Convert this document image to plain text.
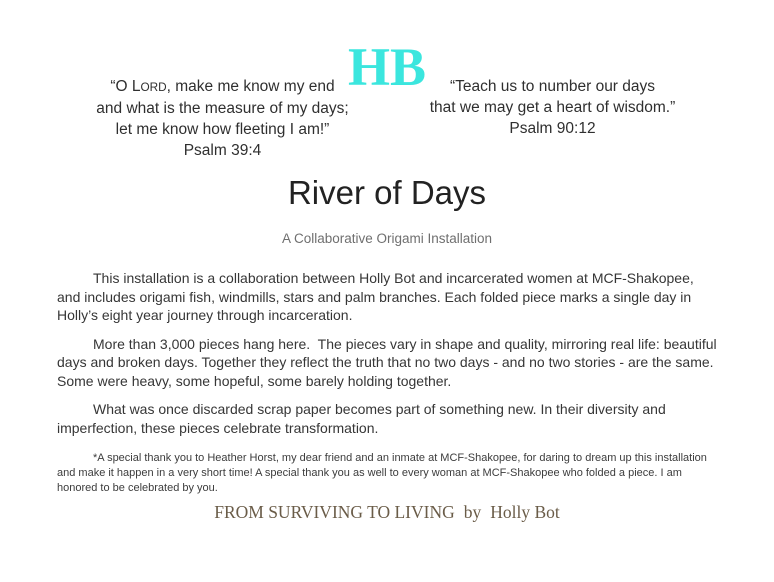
HB
“O LORD, make me know my end
and what is the measure of my days;
let me know how fleeting I am!”
Psalm 39:4
“Teach us to number our days
that we may get a heart of wisdom.”
Psalm 90:12
River of Days
A Collaborative Origami Installation

This installation is a collaboration between Holly Bot and incarcerated women at MCF-Shakopee, and includes origami fish, windmills, stars and palm branches. Each folded piece marks a single day in Holly’s eight year journey through incarceration.

More than 3,000 pieces hang here.  The pieces vary in shape and quality, mirroring real life: beautiful days and broken days. Together they reflect the truth that no two days - and no two stories - are the same. Some were heavy, some hopeful, some barely holding together.

What was once discarded scrap paper becomes part of something new. In their diversity and imperfection, these pieces celebrate transformation.

*A special thank you to Heather Horst, my dear friend and an inmate at MCF-Shakopee, for daring to dream up this installation and make it happen in a very short time! A special thank you as well to every woman at MCF-Shakopee who folded a piece. I am honored to be celebrated by you.

FROM SURVIVING TO LIVING by Holly Bot
